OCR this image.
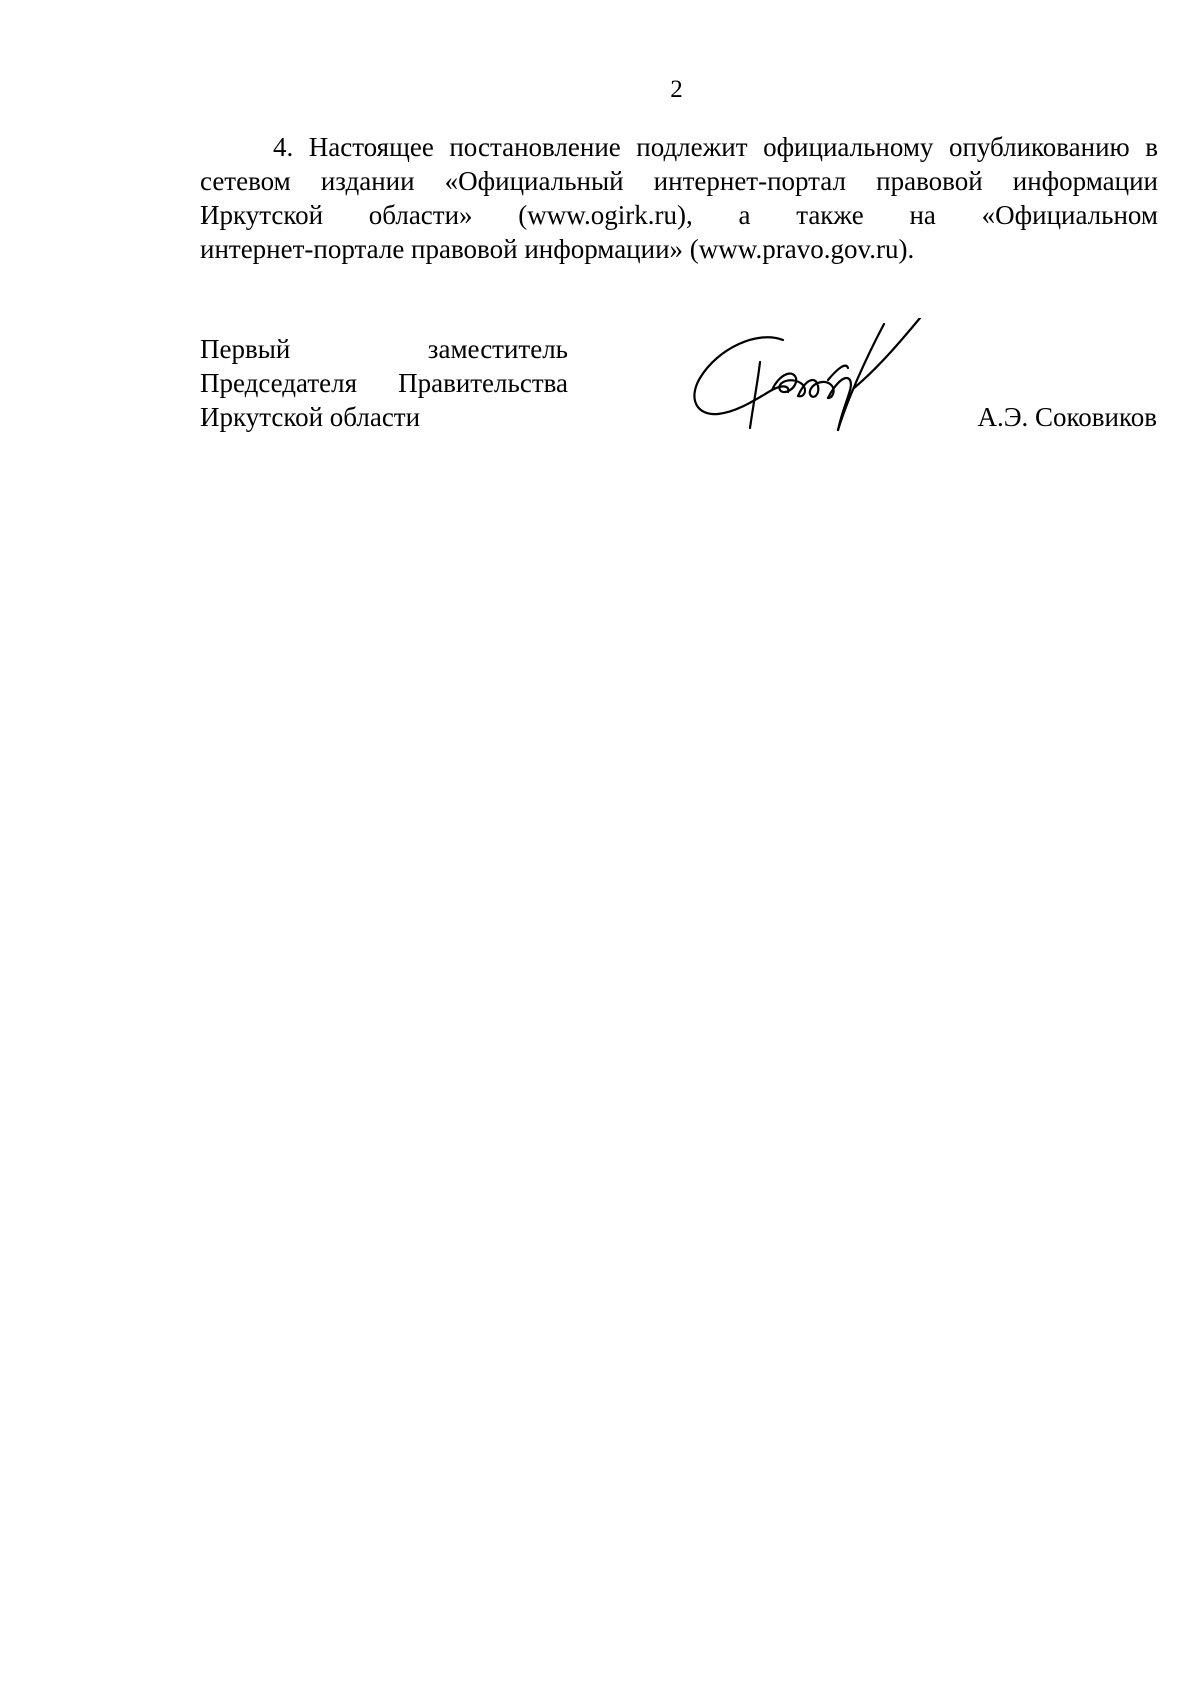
2
4. Настоящее постановление подлежит официальному опубликованию в
сетевом издании «Официальный интернет-портал правовой информации
Иркутской области» (www.ogirk.ru), а также на «Официальном
интернет-портале правовой информации» (www.pravo.gov.ru).
Первый заместитель
Председателя Правительства
Иркутской области	А.Э. Соковиков
